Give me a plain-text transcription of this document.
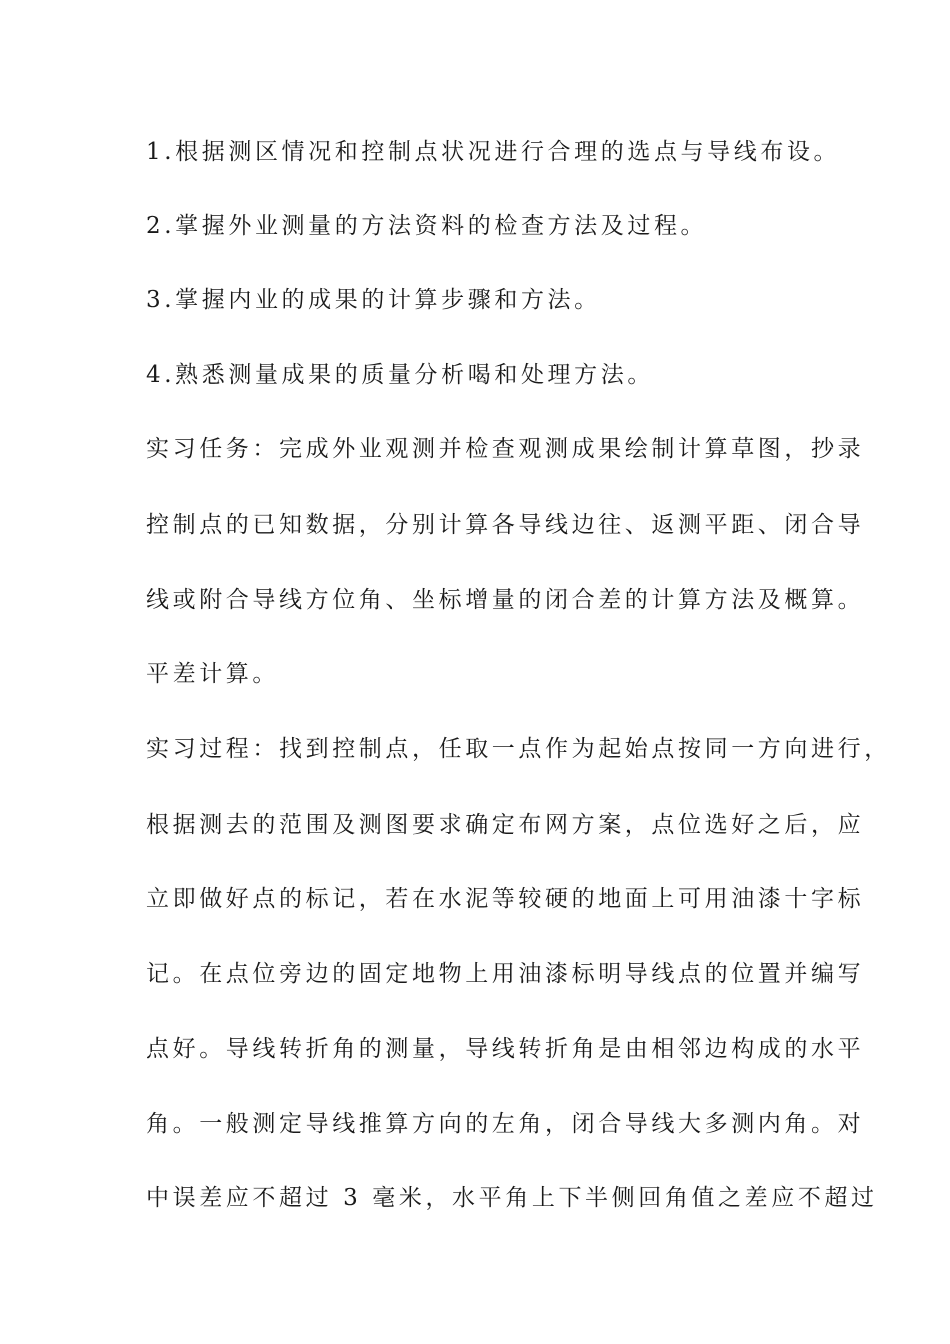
1.根据测区情况和控制点状况进行合理的选点与导线布设。
2.掌握外业测量的方法资料的检查方法及过程。
3.掌握内业的成果的计算步骤和方法。
4.熟悉测量成果的质量分析喝和处理方法。
实习任务：完成外业观测并检查观测成果绘制计算草图，抄录
控制点的已知数据，分别计算各导线边往、返测平距、闭合导
线或附合导线方位角、坐标增量的闭合差的计算方法及概算。
平差计算。
实习过程：找到控制点，任取一点作为起始点按同一方向进行，
根据测去的范围及测图要求确定布网方案，点位选好之后，应
立即做好点的标记，若在水泥等较硬的地面上可用油漆十字标
记。在点位旁边的固定地物上用油漆标明导线点的位置并编写
点好。导线转折角的测量，导线转折角是由相邻边构成的水平
角。一般测定导线推算方向的左角，闭合导线大多测内角。对
中误差应不超过 3 毫米，水平角上下半侧回角值之差应不超过
